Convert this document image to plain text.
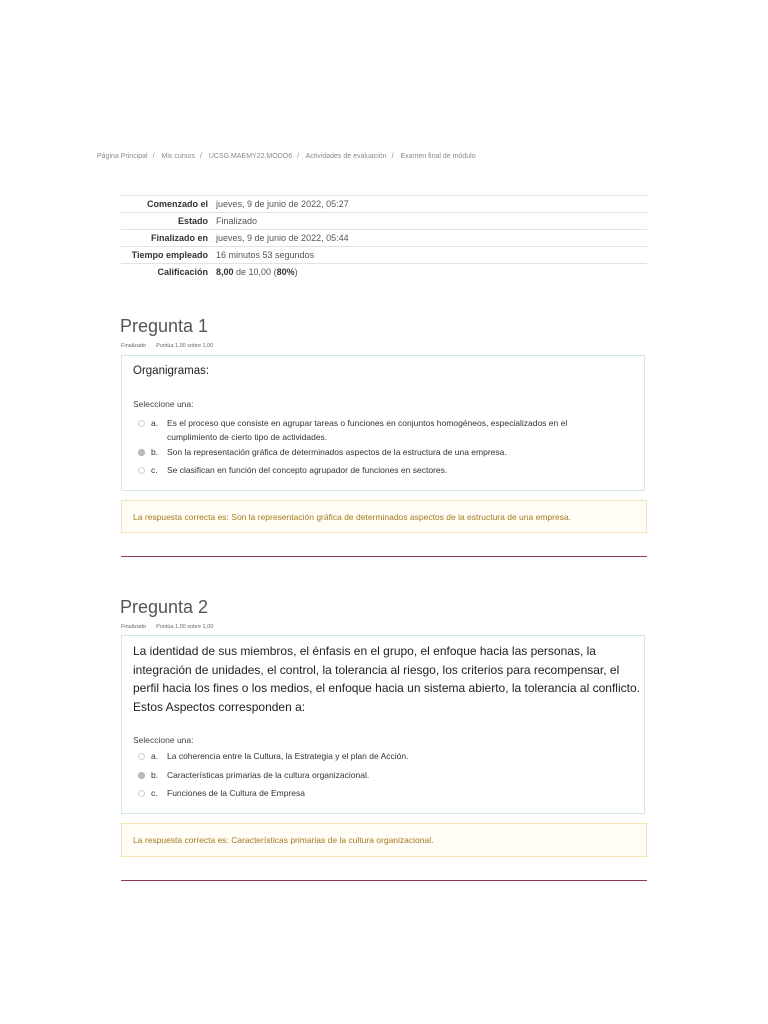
Página Principal / Mis cursos / UCSG.MAEMY22.MODO6 / Actividades de evaluación / Examen final de módulo
Comenzado el jueves, 9 de junio de 2022, 05:27
Estado Finalizado
Finalizado en jueves, 9 de junio de 2022, 05:44
Tiempo empleado 16 minutos 53 segundos
Calificación 8,00 de 10,00 (80%)
Pregunta 1
Finalizado Puntúa 1,00 sobre 1,00
Organigramas:
Seleccione una:
a.	Es el proceso que consiste en agrupar tareas o funciones en conjuntos homogéneos, especializados en el cumplimiento de cierto tipo de actividades.
b.	Son la representación gráfica de determinados aspectos de la estructura de una empresa.
c.	Se clasifican en función del concepto agrupador de funciones en sectores.
La respuesta correcta es: Son la representación gráfica de determinados aspectos de la estructura de una empresa.
Pregunta 2
Finalizado Puntúa 1,00 sobre 1,00
La identidad de sus miembros, el énfasis en el grupo, el enfoque hacia las personas, la integración de unidades, el control, la tolerancia al riesgo, los criterios para recompensar, el perfil hacia los fines o los medios, el enfoque hacia un sistema abierto, la tolerancia al conflicto. Estos Aspectos corresponden a:
Seleccione una:
a.	La coherencia entre la Cultura, la Estrategia y el plan de Acción.
b.	Características primarias de la cultura organizacional.
c.	Funciones de la Cultura de Empresa
La respuesta correcta es: Características primarias de la cultura organizacional.
